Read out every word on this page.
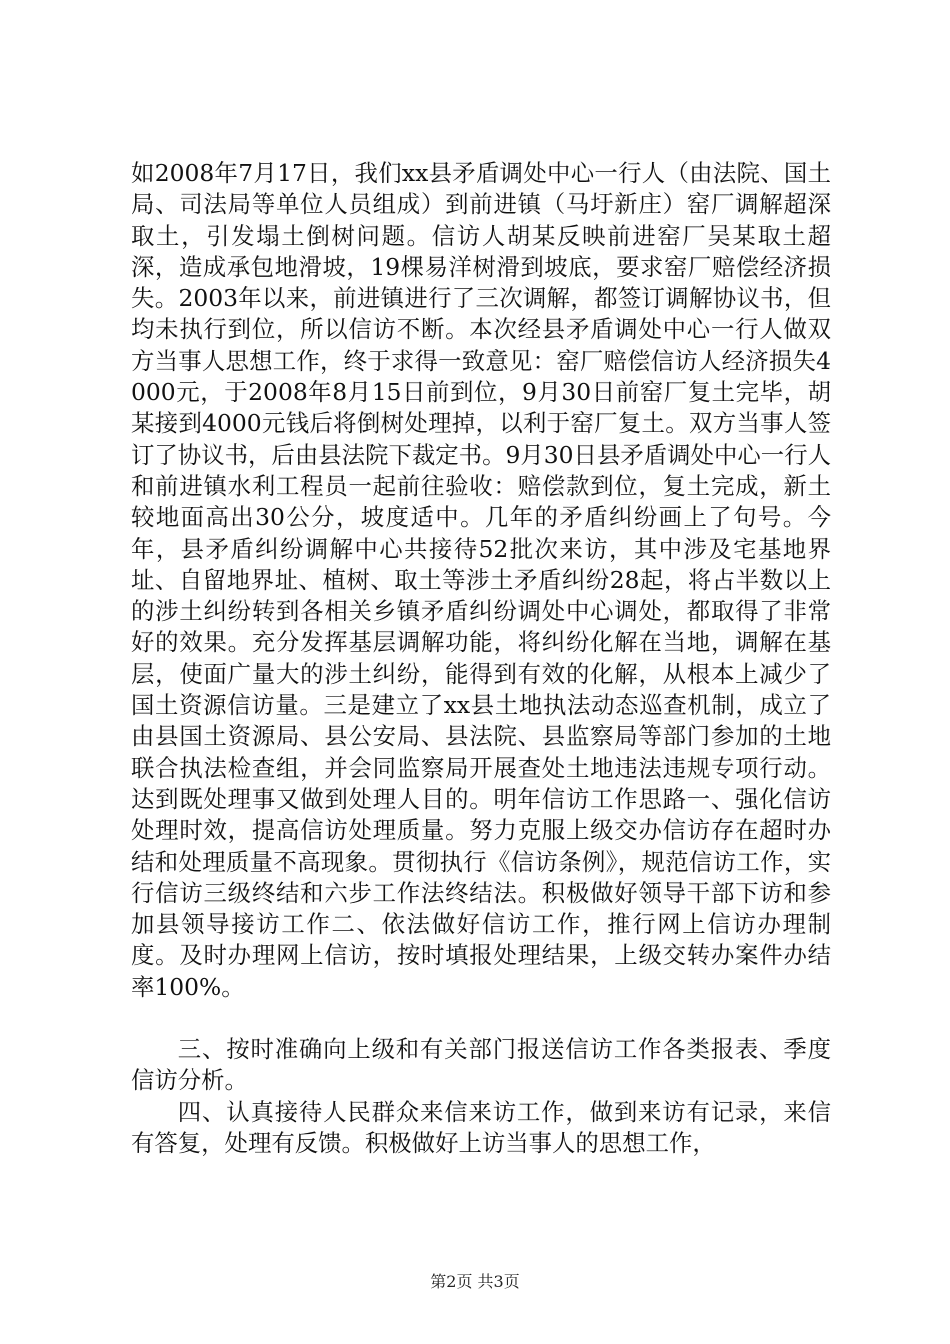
如2008年7月17日，我们xx县矛盾调处中心一行人（由法院、国土局、司法局等单位人员组成）到前进镇（马圩新庄）窑厂调解超深取土，引发塌土倒树问题。信访人胡某反映前进窑厂吴某取土超深，造成承包地滑坡，19棵易洋树滑到坡底，要求窑厂赔偿经济损失。2003年以来，前进镇进行了三次调解，都签订调解协议书，但均未执行到位，所以信访不断。本次经县矛盾调处中心一行人做双方当事人思想工作，终于求得一致意见：窑厂赔偿信访人经济损失4000元，于2008年8月15日前到位，9月30日前窑厂复土完毕，胡某接到4000元钱后将倒树处理掉，以利于窑厂复土。双方当事人签订了协议书，后由县法院下裁定书。9月30日县矛盾调处中心一行人和前进镇水利工程员一起前往验收：赔偿款到位，复土完成，新土较地面高出30公分，坡度适中。几年的矛盾纠纷画上了句号。今年，县矛盾纠纷调解中心共接待52批次来访，其中涉及宅基地界址、自留地界址、植树、取土等涉土矛盾纠纷28起，将占半数以上的涉土纠纷转到各相关乡镇矛盾纠纷调处中心调处，都取得了非常好的效果。充分发挥基层调解功能，将纠纷化解在当地，调解在基层，使面广量大的涉土纠纷，能得到有效的化解，从根本上减少了国土资源信访量。三是建立了xx县土地执法动态巡查机制，成立了由县国土资源局、县公安局、县法院、县监察局等部门参加的土地联合执法检查组，并会同监察局开展查处土地违法违规专项行动。达到既处理事又做到处理人目的。明年信访工作思路一、强化信访处理时效，提高信访处理质量。努力克服上级交办信访存在超时办结和处理质量不高现象。贯彻执行《信访条例》，规范信访工作，实行信访三级终结和六步工作法终结法。积极做好领导干部下访和参加县领导接访工作二、依法做好信访工作，推行网上信访办理制度。及时办理网上信访，按时填报处理结果，上级交转办案件办结率100%。

三、按时准确向上级和有关部门报送信访工作各类报表、季度信访分析。

四、认真接待人民群众来信来访工作，做到来访有记录，来信有答复，处理有反馈。积极做好上访当事人的思想工作，

第2页 共3页
